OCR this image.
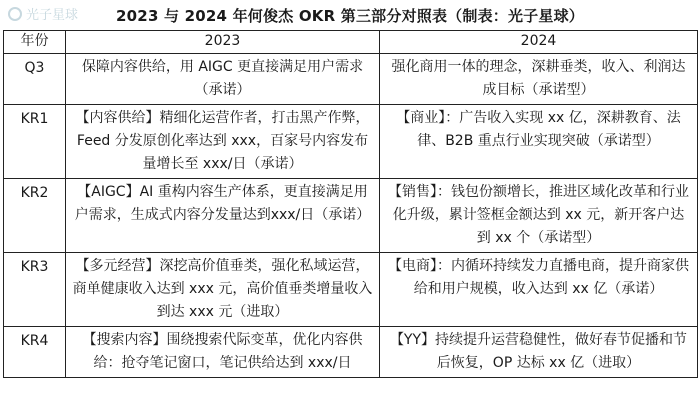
光子星球	2023 与 2024 年何俊杰 OKR 第三部分对照表（制表：光子星球）
年份	2023	2024
Q3	保障内容供给，用 AIGC 更直接满足用户需求（承诺）	强化商用一体的理念，深耕垂类，收入、利润达成目标（承诺型）
KR1	【内容供给】精细化运营作者，打击黑产作弊，Feed 分发原创化率达到 xxx，百家号内容发布量增长至 xxx/日（承诺）	【商业】：广告收入实现 xx 亿，深耕教育、法律、B2B 重点行业实现突破（承诺型）
KR2	【AIGC】AI 重构内容生产体系，更直接满足用户需求，生成式内容分发量达到xxx/日（承诺）	【销售】：钱包份额增长，推进区域化改革和行业化升级，累计签框金额达到 xx 元，新开客户达到 xx 个（承诺型）
KR3	【多元经营】深挖高价值垂类，强化私域运营，商单健康收入达到 xxx 元，高价值垂类增量收入到达 xxx 元（进取）	【电商】：内循环持续发力直播电商，提升商家供给和用户规模，收入达到 xx 亿（承诺）
KR4	【搜索内容】围绕搜索代际变革，优化内容供给：抢夺笔记窗口，笔记供给达到 xxx/日	【YY】持续提升运营稳健性，做好春节促播和节后恢复，OP 达标 xx 亿（进取）
